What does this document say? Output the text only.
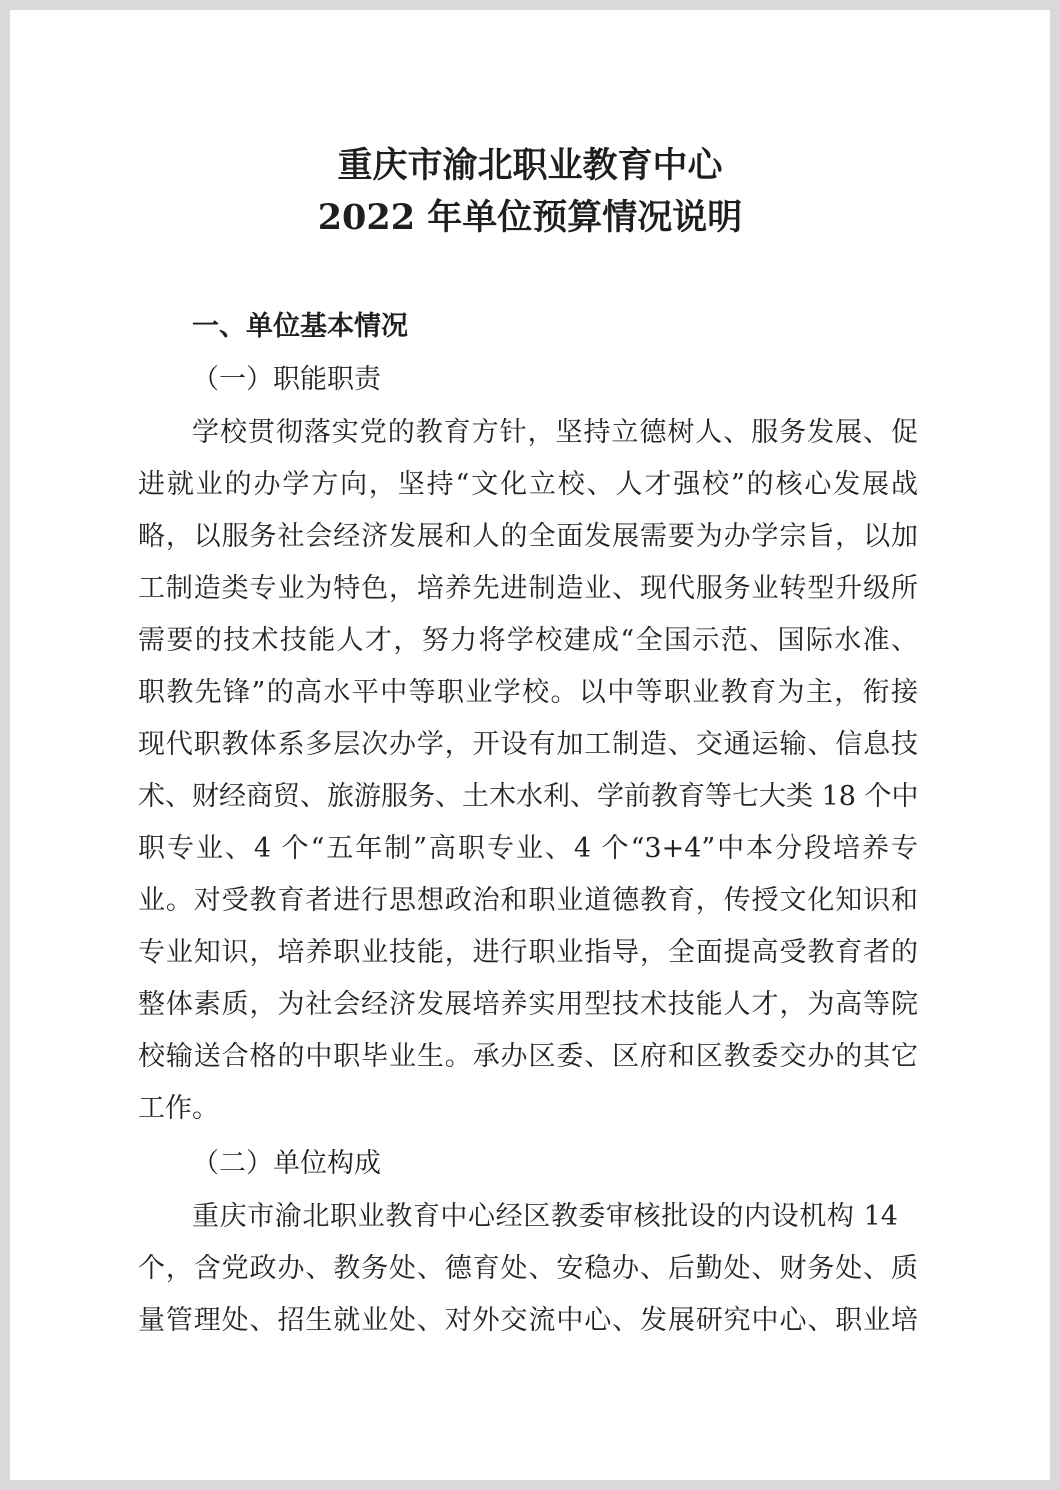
重庆市渝北职业教育中心
2022 年单位预算情况说明
一、单位基本情况
（一）职能职责
学校贯彻落实党的教育方针，坚持立德树人、服务发展、促
进就业的办学方向，坚持“文化立校、人才强校”的核心发展战
略，以服务社会经济发展和人的全面发展需要为办学宗旨，以加
工制造类专业为特色，培养先进制造业、现代服务业转型升级所
需要的技术技能人才，努力将学校建成“全国示范、国际水准、
职教先锋”的高水平中等职业学校。以中等职业教育为主，衔接
现代职教体系多层次办学，开设有加工制造、交通运输、信息技
术、财经商贸、旅游服务、土木水利、学前教育等七大类 18 个中
职专业、4 个“五年制”高职专业、4 个“3+4”中本分段培养专
业。对受教育者进行思想政治和职业道德教育，传授文化知识和
专业知识，培养职业技能，进行职业指导，全面提高受教育者的
整体素质，为社会经济发展培养实用型技术技能人才，为高等院
校输送合格的中职毕业生。承办区委、区府和区教委交办的其它
工作。
（二）单位构成
重庆市渝北职业教育中心经区教委审核批设的内设机构 14
个，含党政办、教务处、德育处、安稳办、后勤处、财务处、质
量管理处、招生就业处、对外交流中心、发展研究中心、职业培
